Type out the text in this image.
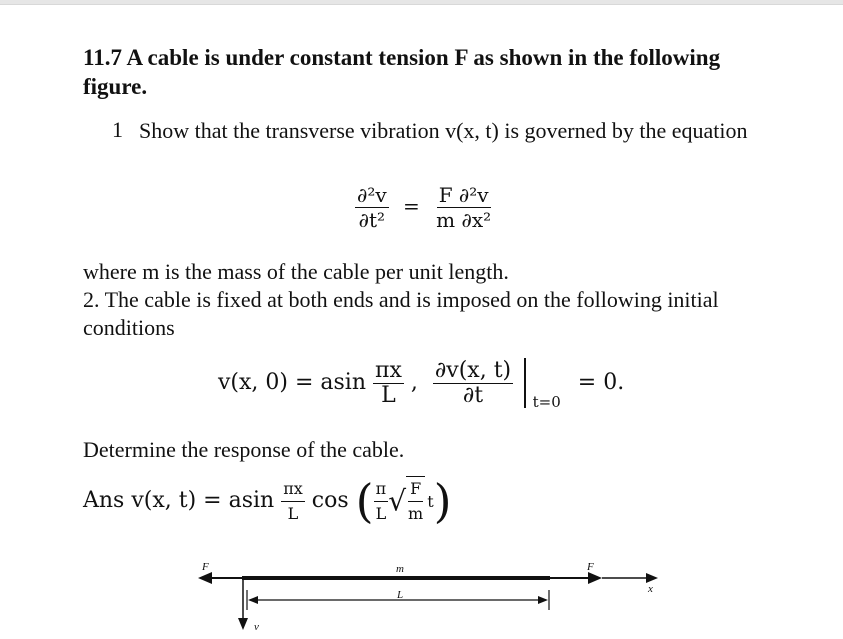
11.7 A cable is under constant tension F as shown in the following figure.
1 Show that the transverse vibration v(x, t) is governed by the equation
$\frac{\text{∂²v}}{\text{∂t²}} = \frac{\text{F ∂²v}}{\text{m ∂x²}}$
where m is the mass of the cable per unit length.
2. The cable is fixed at both ends and is imposed on the following initial conditions
v(x, 0) = asin $\frac{\pi x}{L}$ , $\frac{\partial v(x, t)}{\partial t} _{t=0} = 0$.
Determine the response of the cable.
Ans v(x, t) = asin $\frac{\pi x}{L}$ cos ( $\frac{\pi}{L}$ √ $\frac{F}{m} t$)
F	F
m
L	x
v
